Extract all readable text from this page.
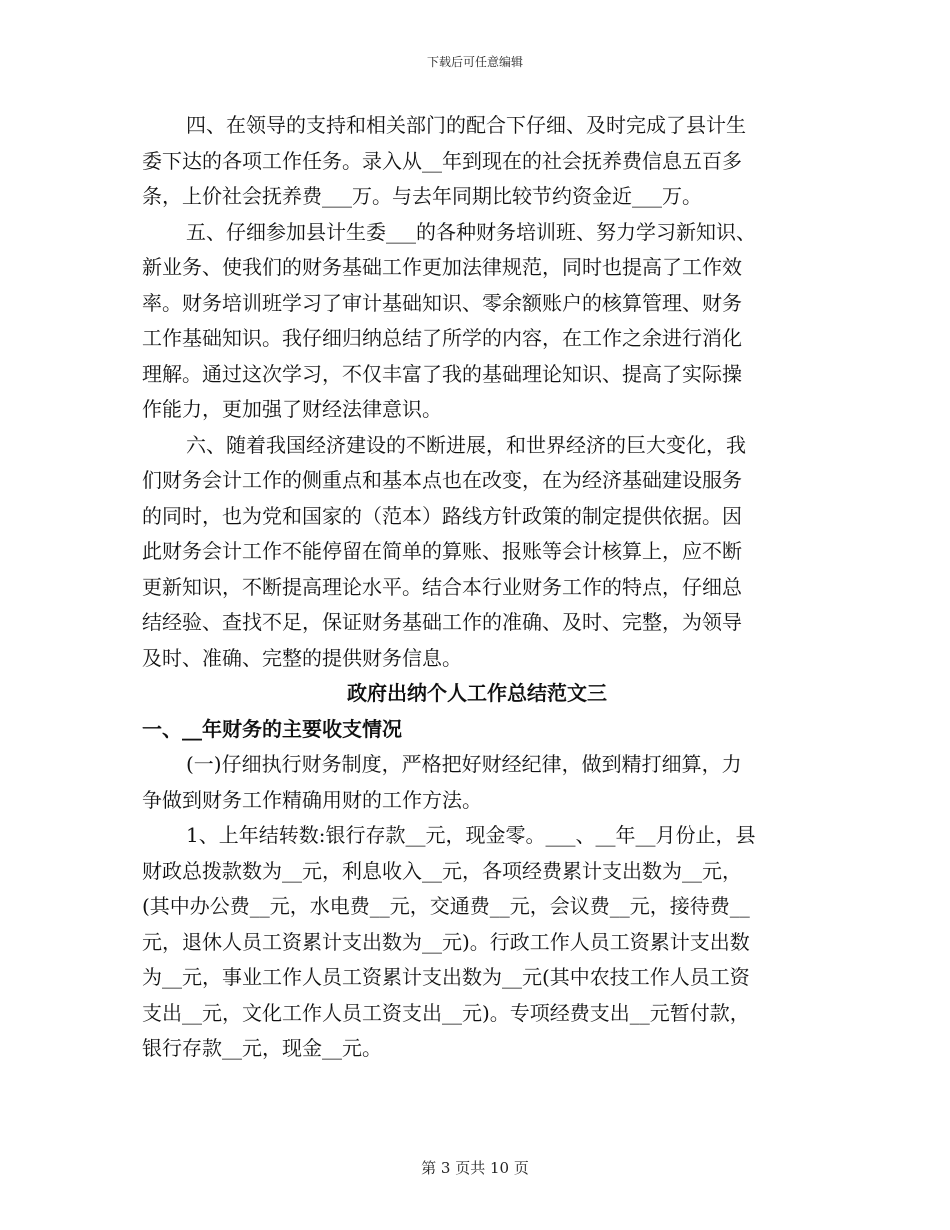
下载后可任意编辑
四、在领导的支持和相关部门的配合下仔细、及时完成了县计生
委下达的各项工作任务。录入从__年到现在的社会抚养费信息五百多
条，上价社会抚养费___万。与去年同期比较节约资金近___万。
五、仔细参加县计生委___的各种财务培训班、努力学习新知识、
新业务、使我们的财务基础工作更加法律规范，同时也提高了工作效
率。财务培训班学习了审计基础知识、零余额账户的核算管理、财务
工作基础知识。我仔细归纳总结了所学的内容，在工作之余进行消化
理解。通过这次学习，不仅丰富了我的基础理论知识、提高了实际操
作能力，更加强了财经法律意识。
六、随着我国经济建设的不断进展，和世界经济的巨大变化，我
们财务会计工作的侧重点和基本点也在改变，在为经济基础建设服务
的同时，也为党和国家的（范本）路线方针政策的制定提供依据。因
此财务会计工作不能停留在简单的算账、报账等会计核算上，应不断
更新知识，不断提高理论水平。结合本行业财务工作的特点，仔细总
结经验、查找不足，保证财务基础工作的准确、及时、完整，为领导
及时、准确、完整的提供财务信息。
政府出纳个人工作总结范文三
一、__年财务的主要收支情况
(一)仔细执行财务制度，严格把好财经纪律，做到精打细算，力
争做到财务工作精确用财的工作方法。
1、上年结转数:银行存款__元，现金零。___、__年__月份止，县
财政总拨款数为__元，利息收入__元，各项经费累计支出数为__元，
(其中办公费__元，水电费__元，交通费__元，会议费__元，接待费__
元，退休人员工资累计支出数为__元)。行政工作人员工资累计支出数
为__元，事业工作人员工资累计支出数为__元(其中农技工作人员工资
支出__元，文化工作人员工资支出__元)。专项经费支出__元暂付款，
银行存款__元，现金__元。
第 3 页共 10 页
